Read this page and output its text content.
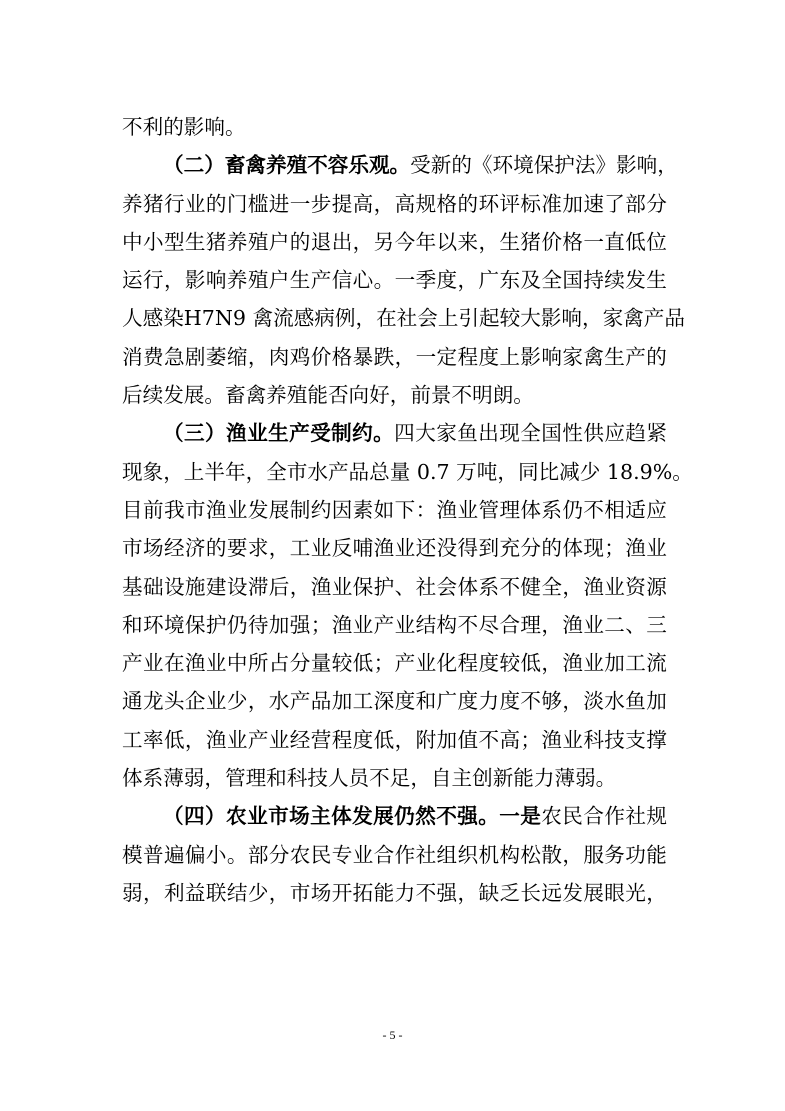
不 利 的 影 响 。
（ 二 ） 畜 禽 养 殖 不 容 乐 观 。 受 新 的 《 环 境 保 护 法 》 影 响 ，
养 猪 行 业 的 门 槛 进 一 步 提 高 ， 高 规 格 的 环 评 标 准 加 速 了 部 分
中 小 型 生 猪 养 殖 户 的 退 出 ， 另 今 年 以 来 ， 生 猪 价 格 一 直 低 位
运 行 ， 影 响 养 殖 户 生 产 信 心 。 一 季 度 ， 广 东 及 全 国 持 续 发 生
人 感 染 H7N9 禽 流 感 病 例 ， 在 社 会 上 引 起 较 大 影 响 ， 家 禽 产 品
消 费 急 剧 萎 缩 ， 肉 鸡 价 格 暴 跌 ， 一 定 程 度 上 影 响 家 禽 生 产 的
后 续 发 展 。 畜 禽 养 殖 能 否 向 好 ， 前 景 不 明 朗 。
（ 三 ） 渔 业 生 产 受 制 约 。 四 大 家 鱼 出 现 全 国 性 供 应 趋 紧
现 象 ， 上 半 年 ， 全 市 水 产 品 总 量 0.7 万 吨 ， 同 比 减 少 18.9% 。
目 前 我 市 渔 业 发 展 制 约 因 素 如 下 ： 渔 业 管 理 体 系 仍 不 相 适 应
市 场 经 济 的 要 求 ， 工 业 反 哺 渔 业 还 没 得 到 充 分 的 体 现 ； 渔 业
基 础 设 施 建 设 滞 后 ， 渔 业 保 护 、 社 会 体 系 不 健 全 ， 渔 业 资 源
和 环 境 保 护 仍 待 加 强 ； 渔 业 产 业 结 构 不 尽 合 理 ， 渔 业 二 、 三
产 业 在 渔 业 中 所 占 分 量 较 低 ； 产 业 化 程 度 较 低 ， 渔 业 加 工 流
通 龙 头 企 业 少 ， 水 产 品 加 工 深 度 和 广 度 力 度 不 够 ， 淡 水 鱼 加
工 率 低 ， 渔 业 产 业 经 营 程 度 低 ， 附 加 值 不 高 ； 渔 业 科 技 支 撑
体 系 薄 弱 ， 管 理 和 科 技 人 员 不 足 ， 自 主 创 新 能 力 薄 弱 。
（ 四 ） 农 业 市 场 主 体 发 展 仍 然 不 强 。 一 是 农 民 合 作 社 规
模 普 遍 偏 小 。 部 分 农 民 专 业 合 作 社 组 织 机 构 松 散 ， 服 务 功 能
弱 ， 利 益 联 结 少 ， 市 场 开 拓 能 力 不 强 ， 缺 乏 长 远 发 展 眼 光 ，
- 5 -
